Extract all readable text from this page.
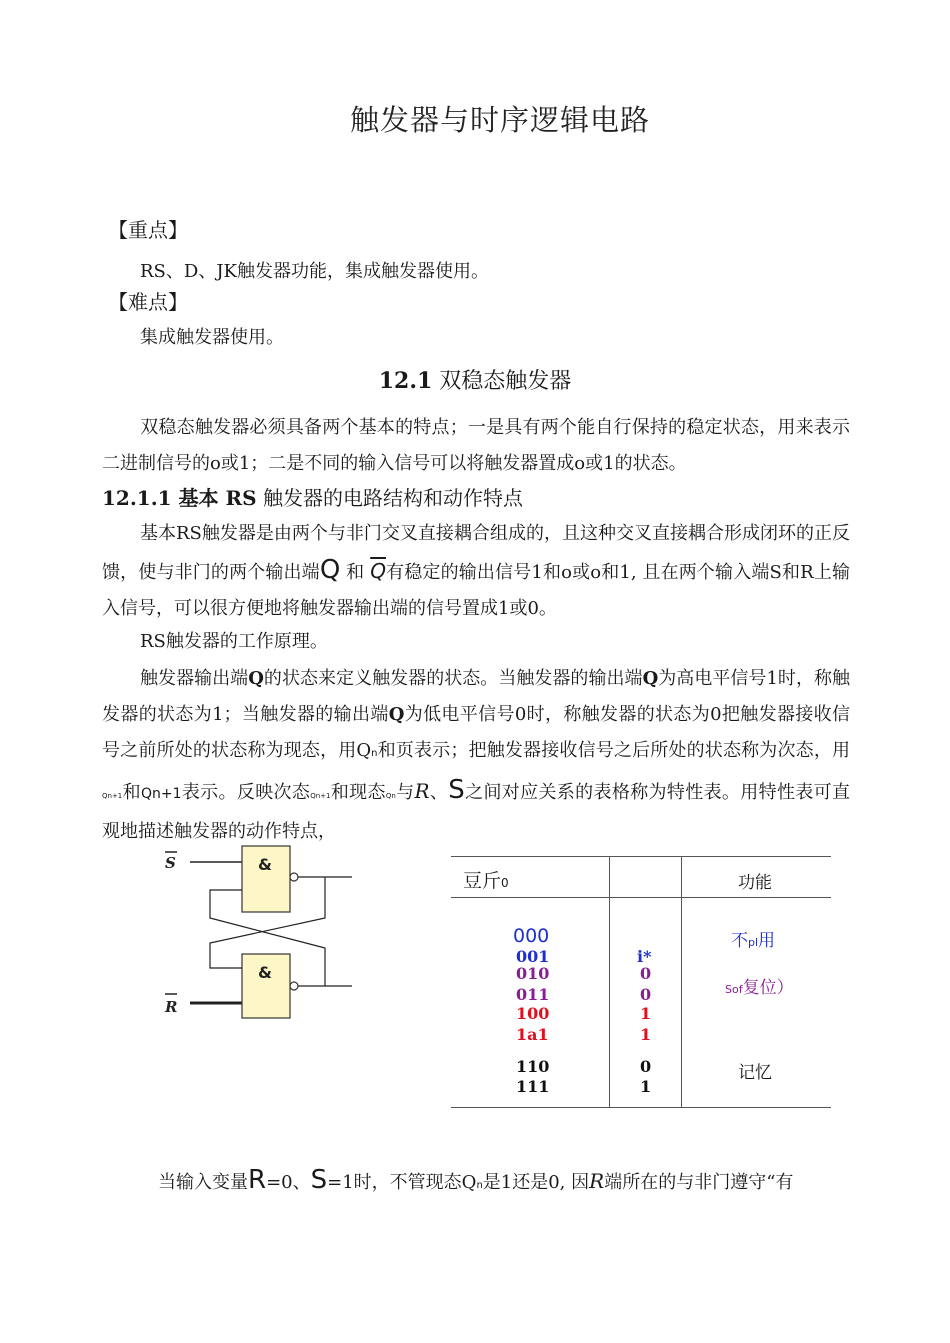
触发器与时序逻辑电路
【重点】
RS、D、JK触发器功能，集成触发器使用。
【难点】
集成触发器使用。
12.1 双稳态触发器
双稳态触发器必须具备两个基本的特点；一是具有两个能自行保持的稳定状态，用来表示二进制信号的o或1；二是不同的输入信号可以将触发器置成o或1的状态。
12.1.1 基本 RS 触发器的电路结构和动作特点
基本RS触发器是由两个与非门交叉直接耦合组成的，且这种交叉直接耦合形成闭环的正反馈，使与非门的两个输出端Q 和 $\overline{Q}$有稳定的输出信号1和o或o和1, 且在两个输入端S和R上输入信号，可以很方便地将触发器输出端的信号置成1或0。
RS触发器的工作原理。
触发器输出端Q的状态来定义触发器的状态。当触发器的输出端Q为高电平信号1时，称触发器的状态为1；当触发器的输出端Q为低电平信号0时，称触发器的状态为0把触发器接收信号之前所处的状态称为现态，用Qn和页表示；把触发器接收信号之后所处的状态称为次态，用Qn+1和Qn+1表示。反映次态Qn+1和现态Qn与R、S之间对应关系的表格称为特性表。用特性表可直观地描述触发器的动作特点，
S
R
&
&
豆斤0	功能
000
001
010
011
100
1a1
i*
0
0
1
1
不pl用
Sof复位）
110
111
0
1
记忆
当输入变量R=0、S=1时，不管现态Qn是1还是0, 因R端所在的与非门遵守“有
